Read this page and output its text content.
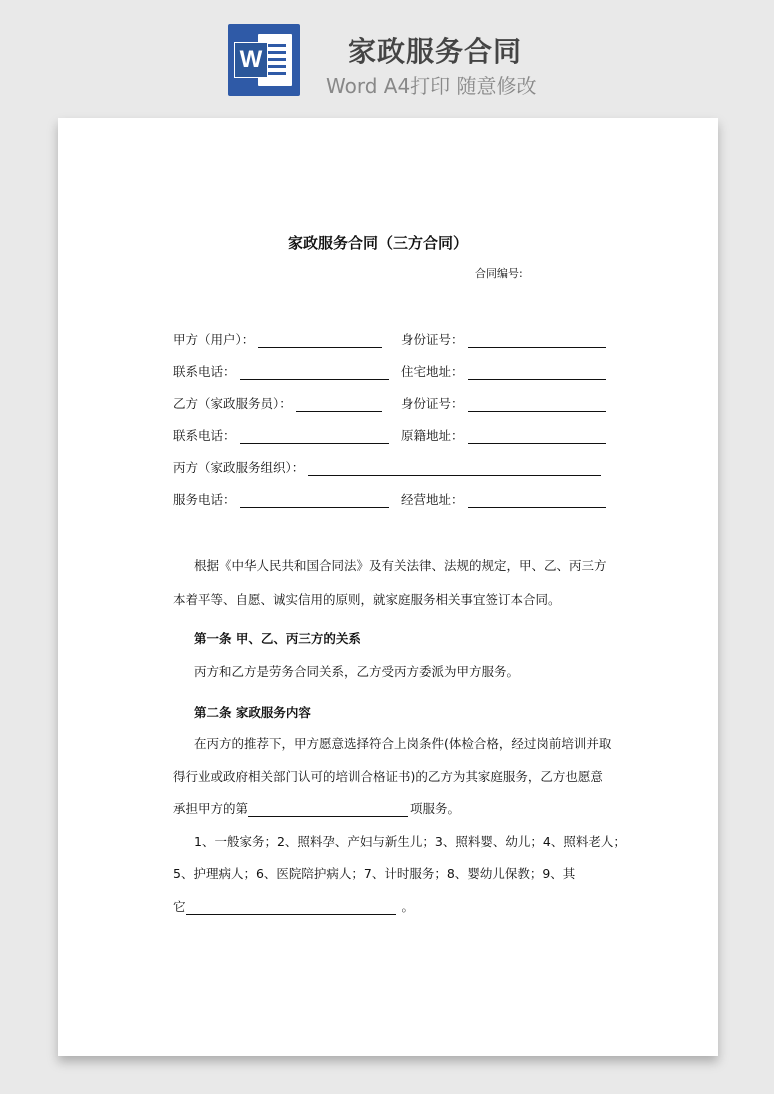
W	家政服务合同
Word A4打印 随意修改

家政服务合同（三方合同）
合同编号:
甲方（用户）：	身份证号：
联系电话：	住宅地址：
乙方（家政服务员）：	身份证号：
联系电话：	原籍地址：
丙方（家政服务组织）：
服务电话：	经营地址：
根据《中华人民共和国合同法》及有关法律、法规的规定，甲、乙、丙三方
本着平等、自愿、诚实信用的原则，就家庭服务相关事宜签订本合同。
第一条 甲、乙、丙三方的关系
丙方和乙方是劳务合同关系，乙方受丙方委派为甲方服务。
第二条 家政服务内容
在丙方的推荐下，甲方愿意选择符合上岗条件(体检合格，经过岗前培训并取
得行业或政府相关部门认可的培训合格证书)的乙方为其家庭服务，乙方也愿意
承担甲方的第	项服务。
1、一般家务；2、照料孕、产妇与新生儿；3、照料婴、幼儿；4、照料老人；
5、护理病人；6、医院陪护病人；7、计时服务；8、婴幼儿保教；9、其
它	。
